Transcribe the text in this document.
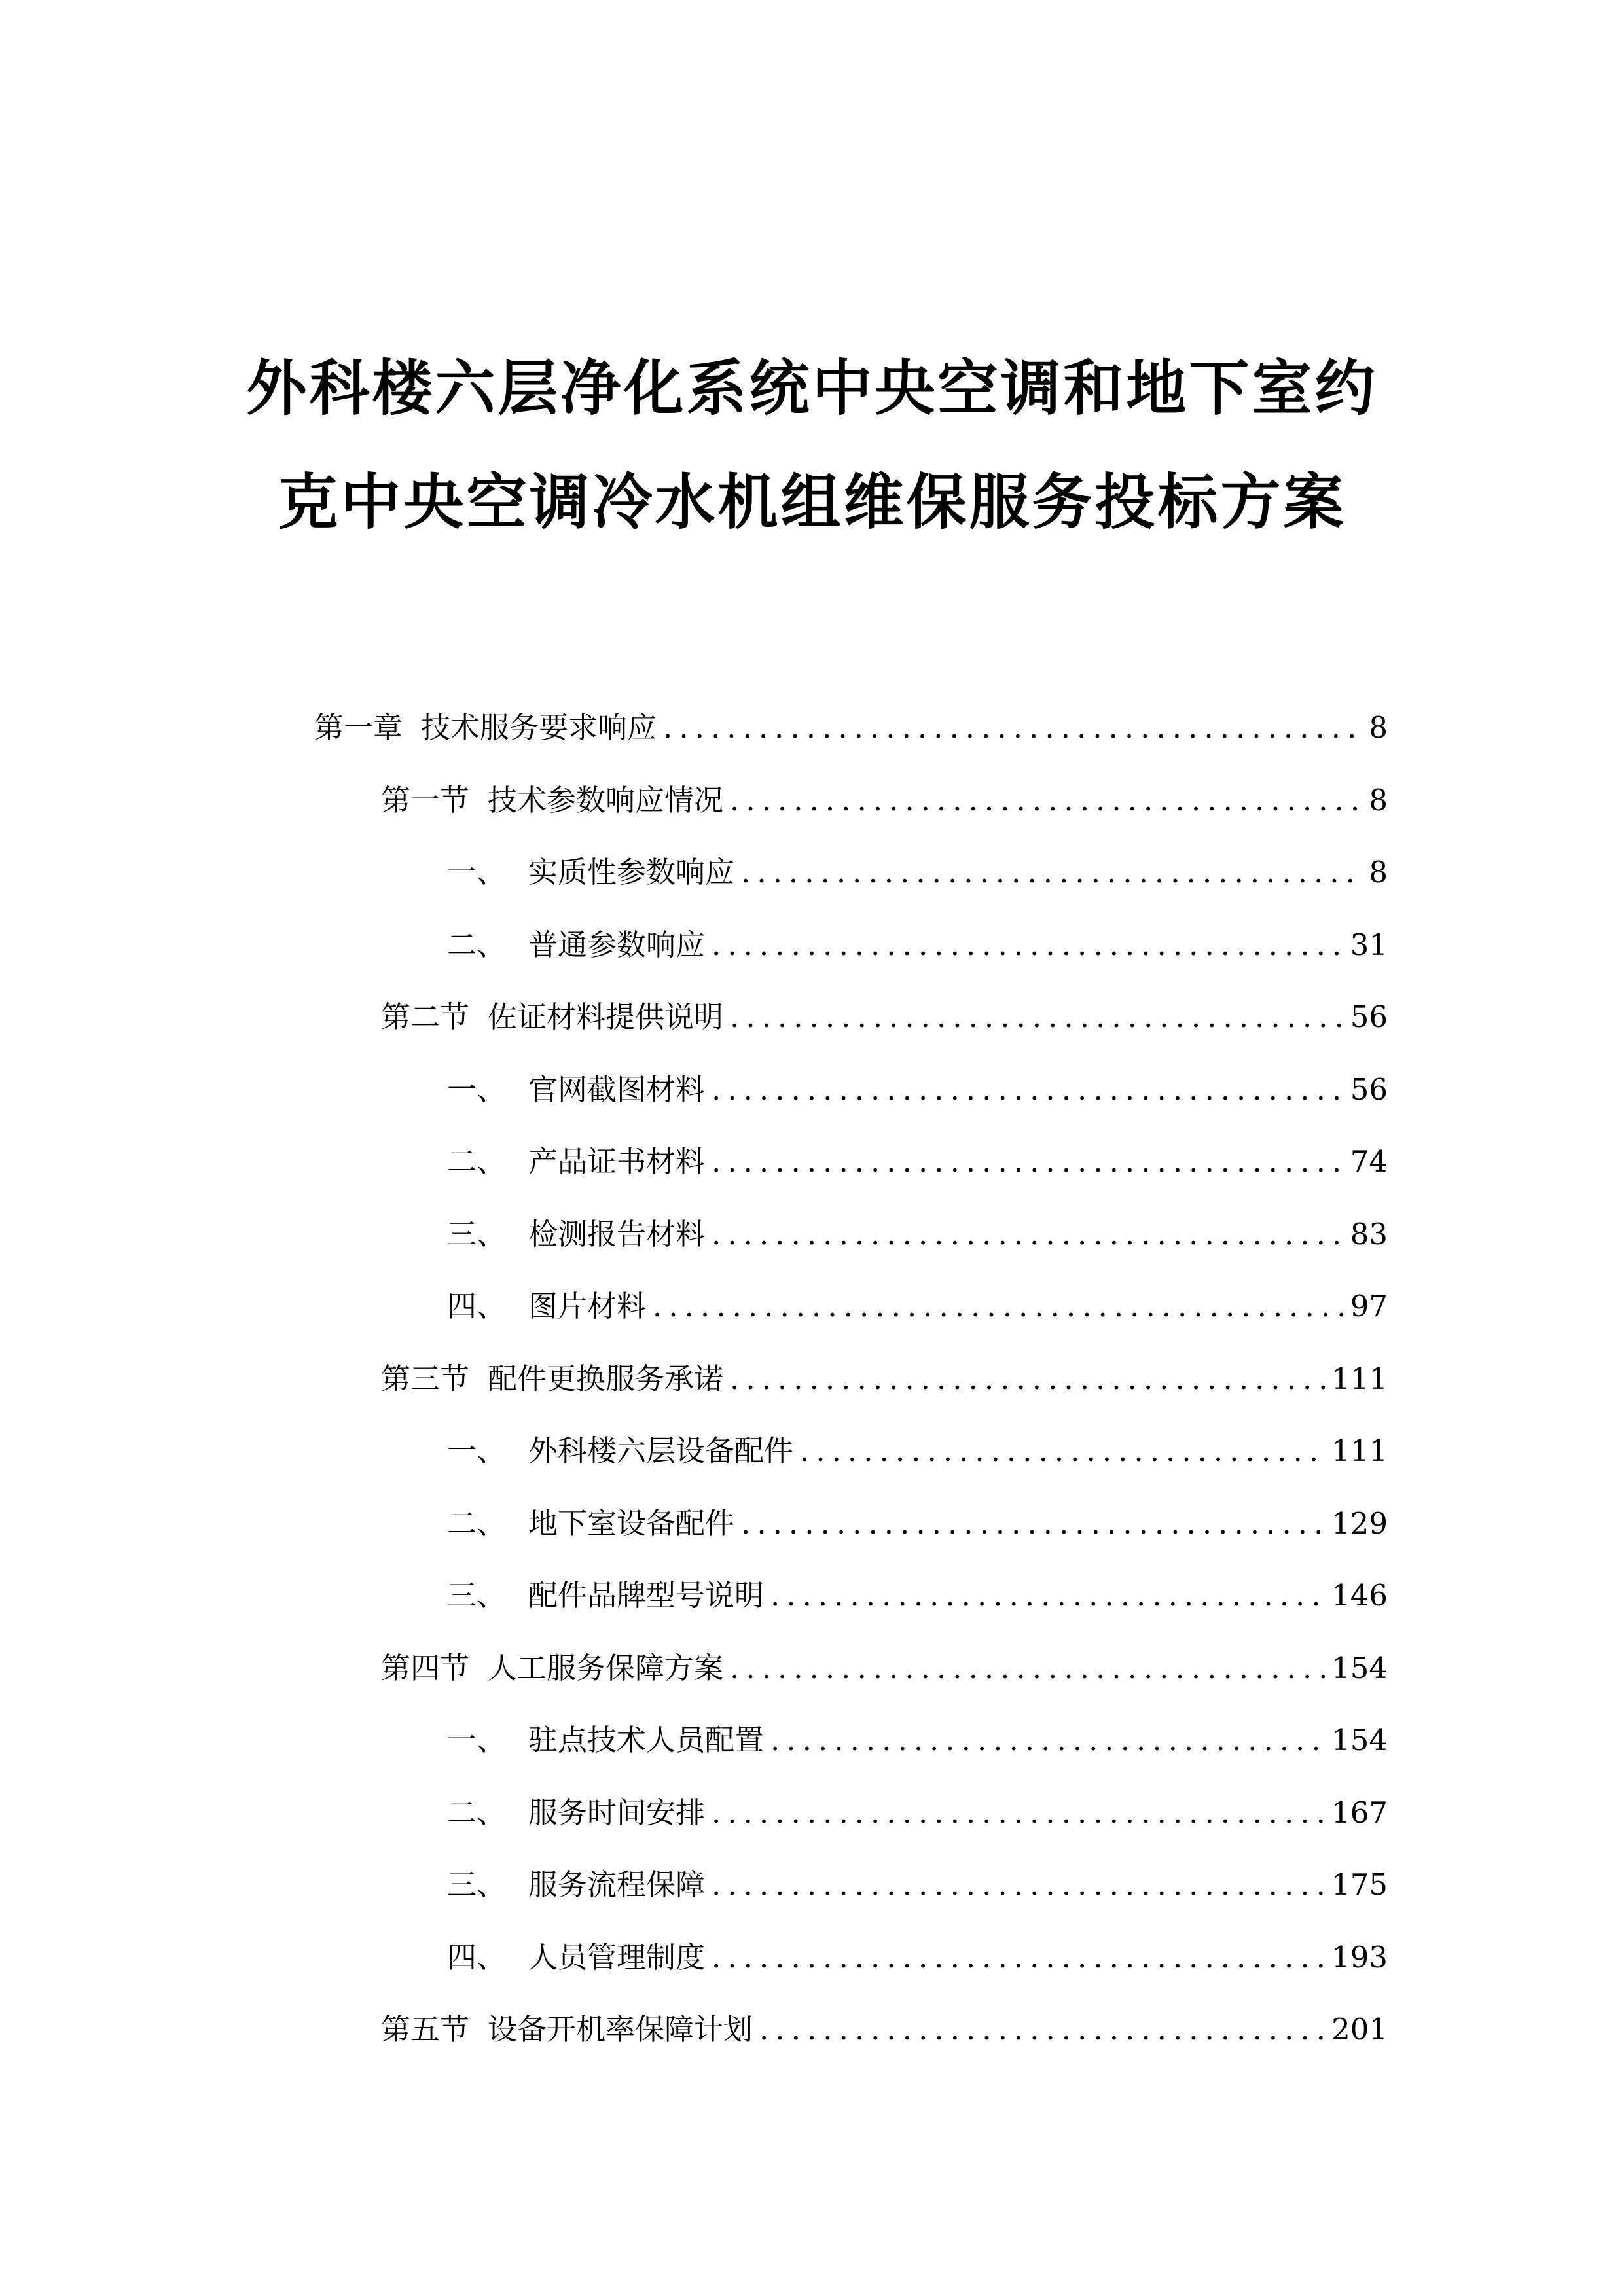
外科楼六层净化系统中央空调和地下室约
克中央空调冷水机组维保服务投标方案
第一章 技术服务要求响应 .....	8
第一节 技术参数响应情况 .....	8
一、 实质性参数响应 .....	8
二、 普通参数响应 .....	31
第二节 佐证材料提供说明 .....	56
一、 官网截图材料 .....	56
二、 产品证书材料 .....	74
三、 检测报告材料 .....	83
四、 图片材料 .....	97
第三节 配件更换服务承诺 .....	111
一、 外科楼六层设备配件 .....	111
二、 地下室设备配件 .....	129
三、 配件品牌型号说明 .....	146
第四节 人工服务保障方案 .....	154
一、 驻点技术人员配置 .....	154
二、 服务时间安排 .....	167
三、 服务流程保障 .....	175
四、 人员管理制度 .....	193
第五节 设备开机率保障计划 .....	201
